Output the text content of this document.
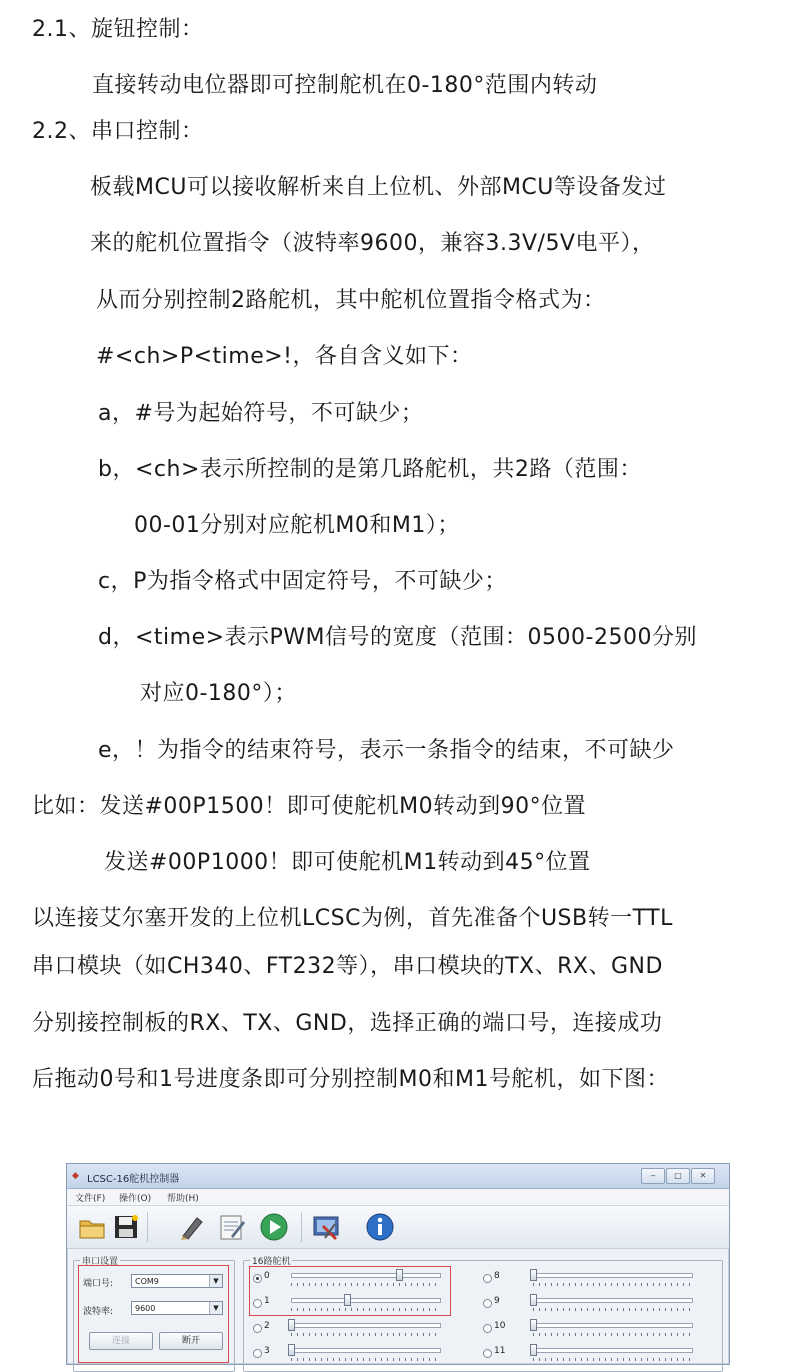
2.1、旋钮控制：
直接转动电位器即可控制舵机在0-180°范围内转动
2.2、串口控制：
板载MCU可以接收解析来自上位机、外部MCU等设备发过
来的舵机位置指令（波特率9600，兼容3.3V/5V电平），
从而分别控制2路舵机，其中舵机位置指令格式为：
#<ch>P<time>!，各自含义如下：
a，#号为起始符号，不可缺少；
b，<ch>表示所控制的是第几路舵机，共2路（范围：
00-01分别对应舵机M0和M1）；
c，P为指令格式中固定符号，不可缺少；
d，<time>表示PWM信号的宽度（范围：0500-2500分别
对应0-180°）；
e，！为指令的结束符号，表示一条指令的结束，不可缺少
比如：发送#00P1500！即可使舵机M0转动到90°位置
发送#00P1000！即可使舵机M1转动到45°位置
以连接艾尔塞开发的上位机LCSC为例，首先准备个USB转一TTL
串口模块（如CH340、FT232等），串口模块的TX、RX、GND
分别接控制板的RX、TX、GND，选择正确的端口号，连接成功
后拖动0号和1号进度条即可分别控制M0和M1号舵机，如下图：
◆ LCSC-16舵机控制器	‒	□	✕
文件(F) 操作(O) 帮助(H)
串口设置
端口号:	COM9	▼
波特率:	9600	▼
连接	断开
16路舵机
0
1
2
3
8
9
10
11
